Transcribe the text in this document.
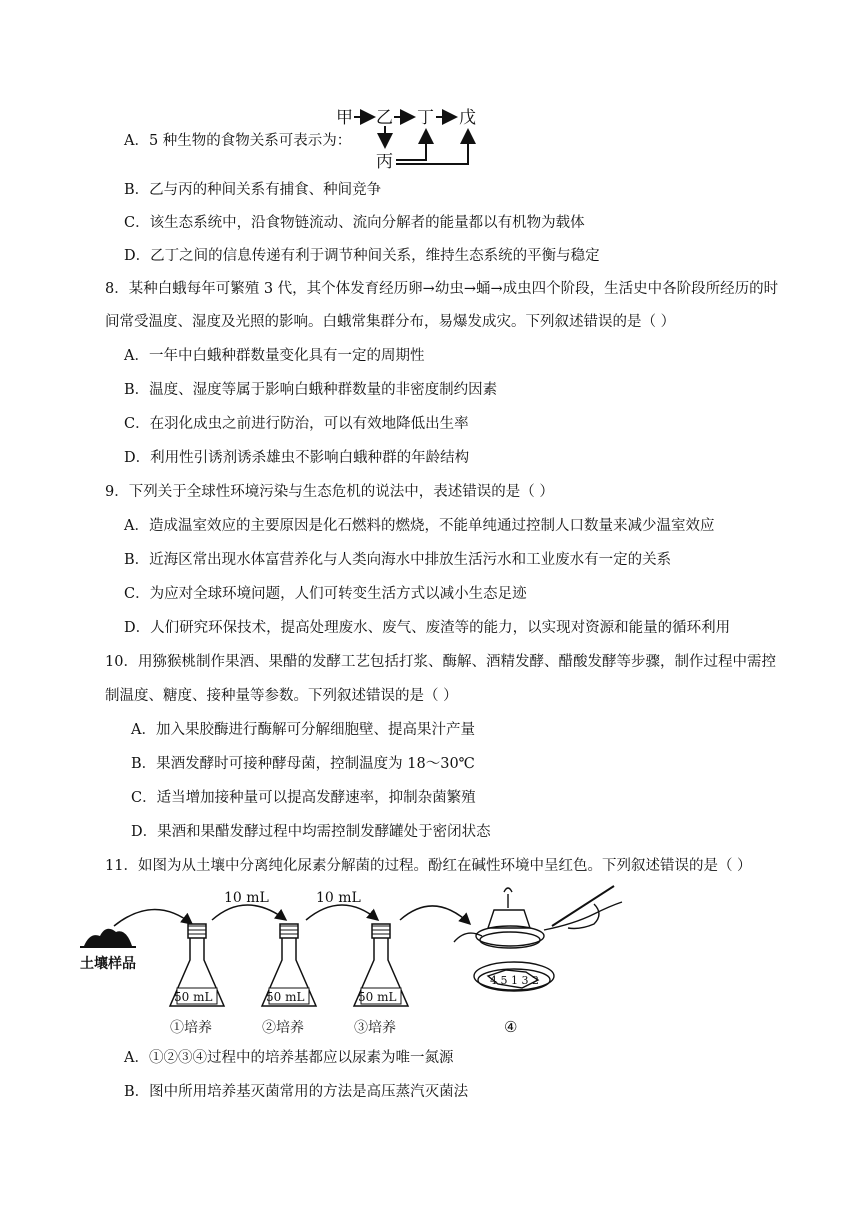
A．5 种生物的食物关系可表示为：
甲 乙 丁 戊
丙
B．乙与丙的种间关系有捕食、种间竞争
C．该生态系统中，沿食物链流动、流向分解者的能量都以有机物为载体
D．乙丁之间的信息传递有利于调节种间关系，维持生态系统的平衡与稳定
8．某种白蛾每年可繁殖 3 代，其个体发育经历卵→幼虫→蛹→成虫四个阶段，生活史中各阶段所经历的时
间常受温度、湿度及光照的影响。白蛾常集群分布，易爆发成灾。下列叙述错误的是（ ）
A．一年中白蛾种群数量变化具有一定的周期性
B．温度、湿度等属于影响白蛾种群数量的非密度制约因素
C．在羽化成虫之前进行防治，可以有效地降低出生率
D．利用性引诱剂诱杀雄虫不影响白蛾种群的年龄结构
9．下列关于全球性环境污染与生态危机的说法中，表述错误的是（ ）
A．造成温室效应的主要原因是化石燃料的燃烧，不能单纯通过控制人口数量来减少温室效应
B．近海区常出现水体富营养化与人类向海水中排放生活污水和工业废水有一定的关系
C．为应对全球环境问题，人们可转变生活方式以减小生态足迹
D．人们研究环保技术，提高处理废水、废气、废渣等的能力，以实现对资源和能量的循环利用
10．用猕猴桃制作果酒、果醋的发酵工艺包括打浆、酶解、酒精发酵、醋酸发酵等步骤，制作过程中需控
制温度、糖度、接种量等参数。下列叙述错误的是（ ）
A．加入果胶酶进行酶解可分解细胞壁、提高果汁产量
B．果酒发酵时可接种酵母菌，控制温度为 18～30℃
C．适当增加接种量可以提高发酵速率，抑制杂菌繁殖
D．果酒和果醋发酵过程中均需控制发酵罐处于密闭状态
11．如图为从土壤中分离纯化尿素分解菌的过程。酚红在碱性环境中呈红色。下列叙述错误的是（ ）
土壤样品
10 mL	10 mL
50 mL
①培养
50 mL
②培养
50 mL
③培养
4 5 1 3 2
④
A．①②③④过程中的培养基都应以尿素为唯一氮源
B．图中所用培养基灭菌常用的方法是高压蒸汽灭菌法
